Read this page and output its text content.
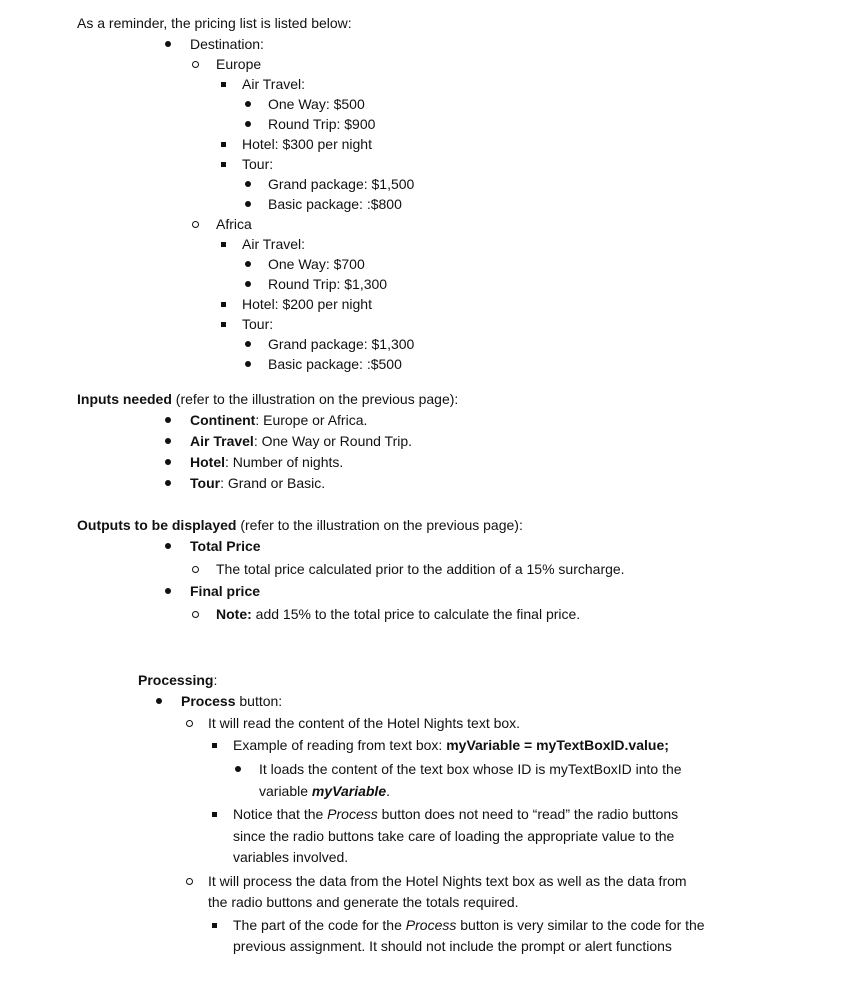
As a reminder, the pricing list is listed below:
Destination:
Europe
Air Travel:
One Way: $500
Round Trip: $900
Hotel: $300 per night
Tour:
Grand package: $1,500
Basic package: :$800
Africa
Air Travel:
One Way: $700
Round Trip: $1,300
Hotel: $200 per night
Tour:
Grand package: $1,300
Basic package: :$500
Inputs needed (refer to the illustration on the previous page):
Continent: Europe or Africa.
Air Travel: One Way or Round Trip.
Hotel: Number of nights.
Tour: Grand or Basic.
Outputs to be displayed (refer to the illustration on the previous page):
Total Price
The total price calculated prior to the addition of a 15% surcharge.
Final price
Note: add 15% to the total price to calculate the final price.
Processing:
Process button:
It will read the content of the Hotel Nights text box.
Example of reading from text box: myVariable = myTextBoxID.value;
It loads the content of the text box whose ID is myTextBoxID into the
variable myVariable.
Notice that the Process button does not need to “read” the radio buttons
since the radio buttons take care of loading the appropriate value to the
variables involved.
It will process the data from the Hotel Nights text box as well as the data from
the radio buttons and generate the totals required.
The part of the code for the Process button is very similar to the code for the
previous assignment. It should not include the prompt or alert functions
